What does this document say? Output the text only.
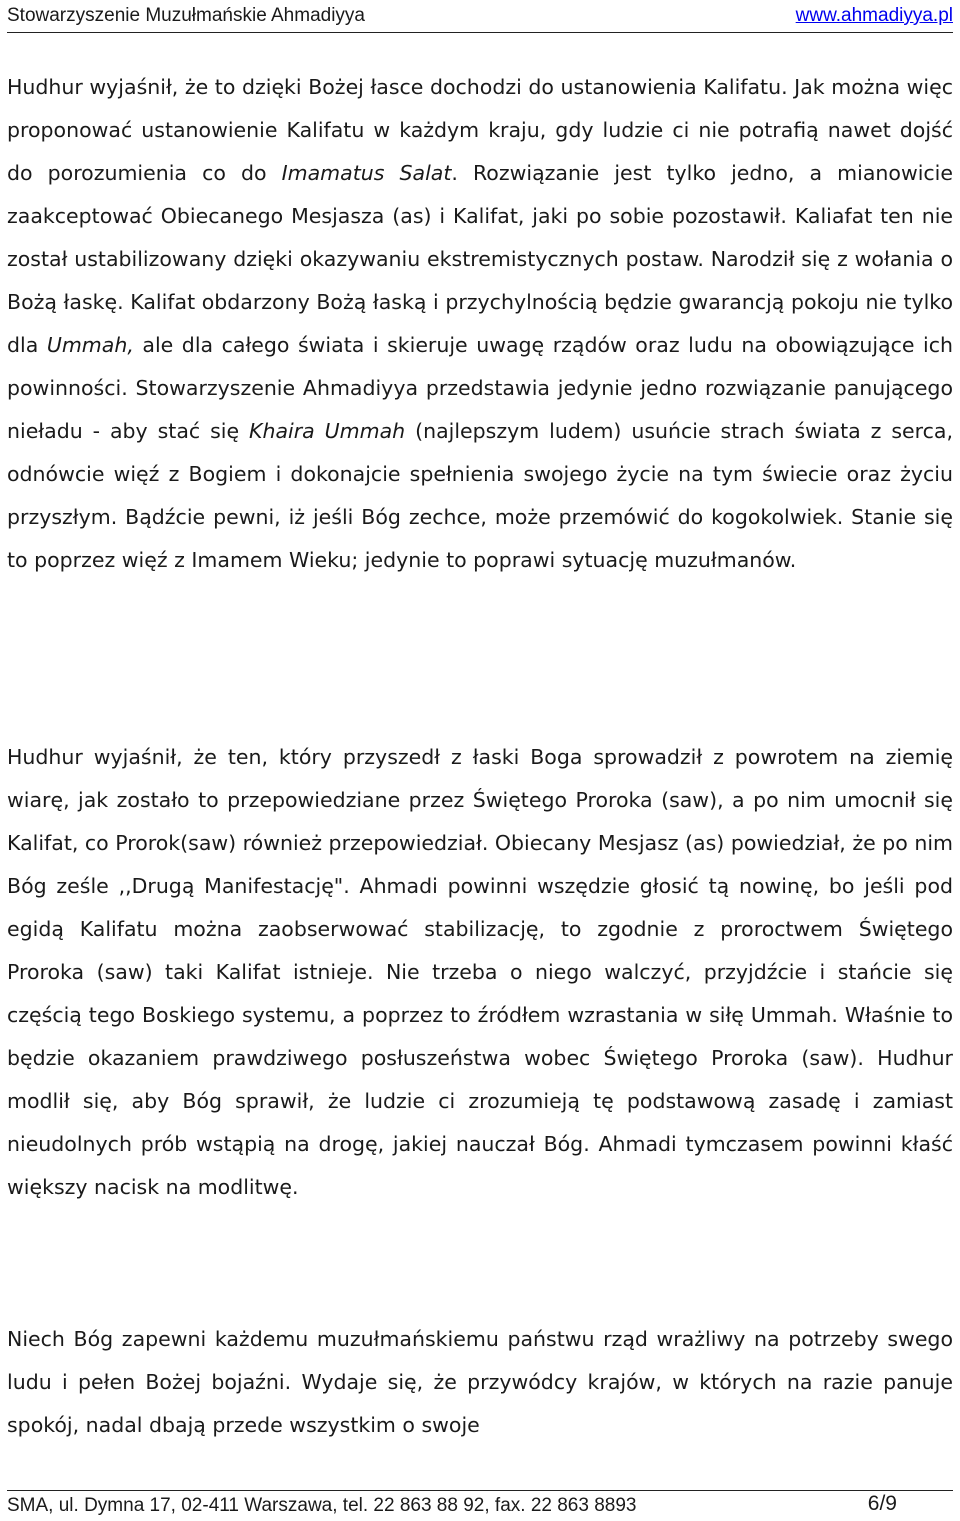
Stowarzyszenie Muzułmańskie Ahmadiyya	www.ahmadiyya.pl

Hudhur wyjaśnił, że to dzięki Bożej łasce dochodzi do ustanowienia Kalifatu. Jak można więc proponować ustanowienie Kalifatu w każdym kraju, gdy ludzie ci nie potrafią nawet dojść do porozumienia co do Imamatus Salat. Rozwiązanie jest tylko jedno, a mianowicie zaakceptować Obiecanego Mesjasza (as) i Kalifat, jaki po sobie pozostawił. Kaliafat ten nie został ustabilizowany dzięki okazywaniu ekstremistycznych postaw. Narodził się z wołania o Bożą łaskę. Kalifat obdarzony Bożą łaską i przychylnością będzie gwarancją pokoju nie tylko dla Ummah, ale dla całego świata i skieruje uwagę rządów oraz ludu na obowiązujące ich powinności. Stowarzyszenie Ahmadiyya przedstawia jedynie jedno rozwiązanie panującego nieładu - aby stać się Khaira Ummah (najlepszym ludem) usuńcie strach świata z serca, odnówcie więź z Bogiem i dokonajcie spełnienia swojego życie na tym świecie oraz życiu przyszłym. Bądźcie pewni, iż jeśli Bóg zechce, może przemówić do kogokolwiek. Stanie się to poprzez więź z Imamem Wieku; jedynie to poprawi sytuację muzułmanów.

Hudhur wyjaśnił, że ten, który przyszedł z łaski Boga sprowadził z powrotem na ziemię wiarę, jak zostało to przepowiedziane przez Świętego Proroka (saw), a po nim umocnił się Kalifat, co Prorok(saw) również przepowiedział. Obiecany Mesjasz (as) powiedział, że po nim Bóg ześle ,,Drugą Manifestację". Ahmadi powinni wszędzie głosić tą nowinę, bo jeśli pod egidą Kalifatu można zaobserwować stabilizację, to zgodnie z proroctwem Świętego Proroka (saw) taki Kalifat istnieje. Nie trzeba o niego walczyć, przyjdźcie i stańcie się częścią tego Boskiego systemu, a poprzez to źródłem wzrastania w siłę Ummah. Właśnie to będzie okazaniem prawdziwego posłuszeństwa wobec Świętego Proroka (saw). Hudhur modlił się, aby Bóg sprawił, że ludzie ci zrozumieją tę podstawową zasadę i zamiast nieudolnych prób wstąpią na drogę, jakiej nauczał Bóg. Ahmadi tymczasem powinni kłaść większy nacisk na modlitwę.

Niech Bóg zapewni każdemu muzułmańskiemu państwu rząd wrażliwy na potrzeby swego ludu i pełen Bożej bojaźni. Wydaje się, że przywódcy krajów, w których na razie panuje spokój, nadal dbają przede wszystkim o swoje

SMA, ul. Dymna 17, 02-411 Warszawa, tel. 22 863 88 92, fax. 22 863 8893	6/9
